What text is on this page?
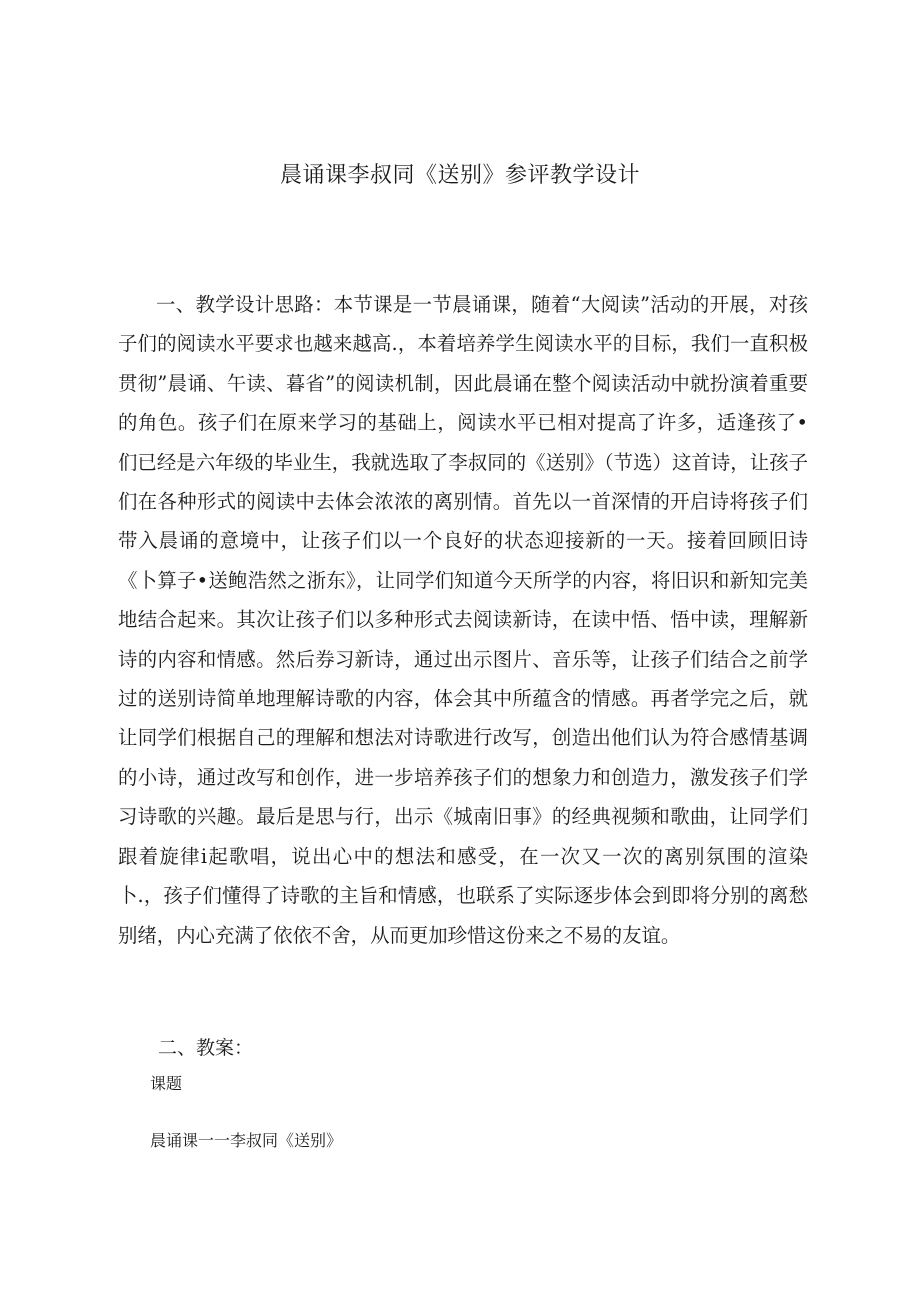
晨诵课李叔同《送别》参评教学设计

一、教学设计思路：本节课是一节晨诵课，随着“大阅读”活动的开展，对孩子们的阅读水平要求也越来越高.，本着培养学生阅读水平的目标，我们一直积极贯彻”晨诵、午读、暮省”的阅读机制，因此晨诵在整个阅读活动中就扮演着重要的角色。孩子们在原来学习的基础上，阅读水平已相对提高了许多，适逢孩了•们已经是六年级的毕业生，我就选取了李叔同的《送别》（节选）这首诗，让孩子们在各种形式的阅读中去体会浓浓的离别情。首先以一首深情的开启诗将孩子们带入晨诵的意境中，让孩子们以一个良好的状态迎接新的一天。接着回顾旧诗《卜算子•送鲍浩然之浙东》，让同学们知道今天所学的内容，将旧识和新知完美地结合起来。其次让孩子们以多种形式去阅读新诗，在读中悟、悟中读，理解新诗的内容和情感。然后券习新诗，通过出示图片、音乐等，让孩子们结合之前学过的送别诗简单地理解诗歌的内容，体会其中所蕴含的情感。再者学完之后，就让同学们根据自己的理解和想法对诗歌进行改写，创造出他们认为符合感情基调的小诗，通过改写和创作，进一步培养孩子们的想象力和创造力，激发孩子们学习诗歌的兴趣。最后是思与行，出示《城南旧事》的经典视频和歌曲，让同学们跟着旋律i起歌唱，说出心中的想法和感受，在一次又一次的离别氛围的渲染卜.，孩子们懂得了诗歌的主旨和情感，也联系了实际逐步体会到即将分别的离愁别绪，内心充满了依依不舍，从而更加珍惜这份来之不易的友谊。

二、教案：
课题
晨诵课一一李叔同《送别》
